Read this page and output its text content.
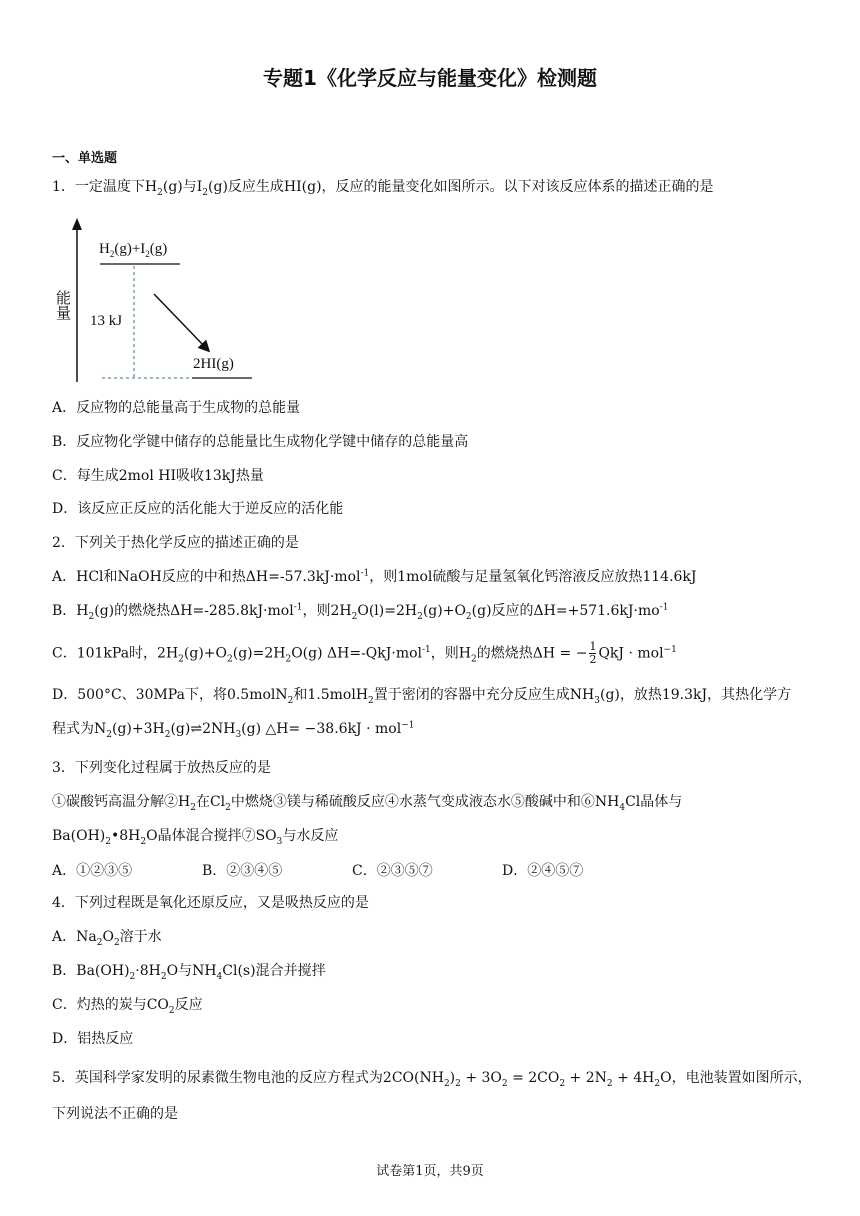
专题1《化学反应与能量变化》检测题
一、单选题
1．一定温度下$H_2(g)$与$I_2(g)$反应生成HI(g)，反应的能量变化如图所示。以下对该反应体系的描述正确的是
$H_2(g)+I_2(g)$
2HI(g)
13 kJ
能量
A．反应物的总能量高于生成物的总能量
B．反应物化学键中储存的总能量比生成物化学键中储存的总能量高
C．每生成2mol HI吸收13kJ热量
D．该反应正反应的活化能大于逆反应的活化能
2．下列关于热化学反应的描述正确的是
A．HCl和NaOH反应的中和热ΔH=-57.3kJ·mol$^{-1}$，则1mol硫酸与足量氢氧化钙溶液反应放热114.6kJ
B．$H_2(g)$的燃烧热ΔH=-285.8kJ·mol$^{-1}$，则$2H_2O(l)=2H_2(g)+O_2(g)$反应的$\Delta H=+571.6kJ\cdot mo^{-1}$
C．101kPa时，$2H_2(g)+O_2(g)=2H_2O(g)$ ΔH=-QkJ·mol$^{-1}$，则$H_2$的燃烧热ΔH = − $\frac{1}{2}$ QkJ · mol$^{-1}$
D．500°C、30MPa下，将0.5molN$_2$和1.5molH$_2$置于密闭的容器中充分反应生成$NH_3(g)$，放热19.3kJ，其热化学方
程式为$N_2(g)+3H_2(g)\rightleftharpoons 2NH_3(g)$ △H= −38.6kJ · mol$^{-1}$
3．下列变化过程属于放热反应的是
①碳酸钙高温分解$②H_2$在$Cl_2$中燃烧③镁与稀硫酸反应④水蒸气变成液态水⑤酸碱中和$⑥NH_4Cl$晶体与
$Ba(OH)_2•8H_2O$晶体混合搅拌$⑦SO_3$与水反应
A．①②③⑤	B．②③④⑤	C．②③⑤⑦	D．②④⑤⑦
4．下列过程既是氧化还原反应，又是吸热反应的是
A．$Na_2O_2$溶于水
B．$Ba(OH)_2\cdot 8H_2O$与$NH_4Cl(s)$混合并搅拌
C．灼热的炭与$CO_2$反应
D．铝热反应
5．英国科学家发明的尿素微生物电池的反应方程式为$2CO(NH_2)_2 + 3O_2 = 2CO_2 + 2N_2 + 4H_2O$，电池装置如图所示，
下列说法不正确的是
试卷第1页，共9页
